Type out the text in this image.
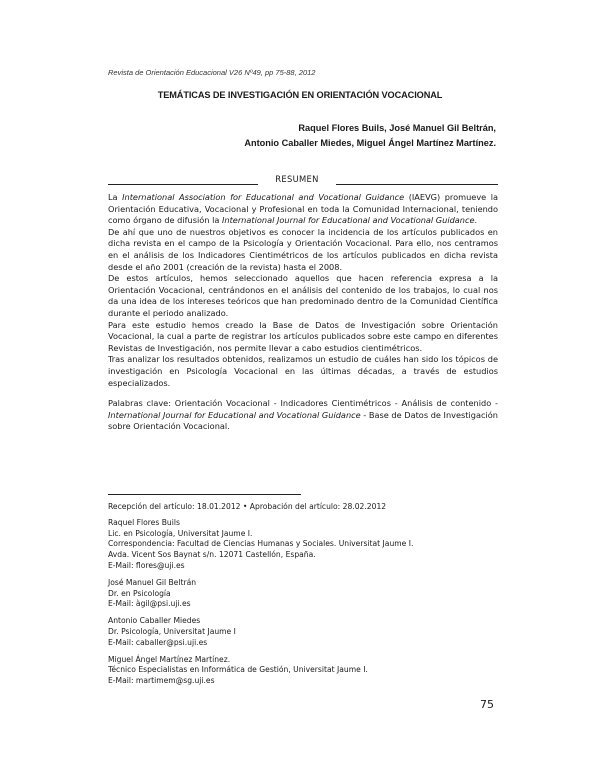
Revista de Orientación Educacional V26 Nº49, pp 75-88, 2012
TEMÁTICAS DE INVESTIGACIÓN EN ORIENTACIÓN VOCACIONAL
Raquel Flores Buils, José Manuel Gil Beltrán,
Antonio Caballer Miedes, Miguel Ángel Martínez Martínez.
RESUMEN

La International Association for Educational and Vocational Guidance (IAEVG) promueve la Orientación Educativa, Vocacional y Profesional en toda la Comunidad Internacional, teniendo como órgano de difusión la International Journal for Educational and Vocational Guidance.

De ahí que uno de nuestros objetivos es conocer la incidencia de los artículos publicados en dicha revista en el campo de la Psicología y Orientación Vocacional. Para ello, nos centramos en el análisis de los Indicadores Cientimétricos de los artículos publicados en dicha revista desde el año 2001 (creación de la revista) hasta el 2008.

De estos artículos, hemos seleccionado aquellos que hacen referencia expresa a la Orientación Vocacional, centrándonos en el análisis del contenido de los trabajos, lo cual nos da una idea de los intereses teóricos que han predominado dentro de la Comunidad Científica durante el periodo analizado.

Para este estudio hemos creado la Base de Datos de Investigación sobre Orientación Vocacional, la cual a parte de registrar los artículos publicados sobre este campo en diferentes Revistas de Investigación, nos permite llevar a cabo estudios cientimétricos.

Tras analizar los resultados obtenidos, realizamos un estudio de cuáles han sido los tópicos de investigación en Psicología Vocacional en las últimas décadas, a través de estudios especializados.

Palabras clave: Orientación Vocacional - Indicadores Cientimétricos - Análisis de contenido - International Journal for Educational and Vocational Guidance - Base de Datos de Investigación sobre Orientación Vocacional.

Recepción del artículo: 18.01.2012 • Aprobación del artículo: 28.02.2012

Raquel Flores Buils
Lic. en Psicología, Universitat Jaume I.
Correspondencia: Facultad de Ciencias Humanas y Sociales. Universitat Jaume I.
Avda. Vicent Sos Baynat s/n. 12071 Castellón, España.
E-Mail: flores@uji.es
José Manuel Gil Beltrán
Dr. en Psicología
E-Mail: àgil@psi.uji.es
Antonio Caballer Miedes
Dr. Psicología, Universitat Jaume I
E-Mail: caballer@psi.uji.es
Miguel Ángel Martínez Martínez.
Técnico Especialistas en Informática de Gestión, Universitat Jaume I.
E-Mail: martimem@sg.uji.es
75
